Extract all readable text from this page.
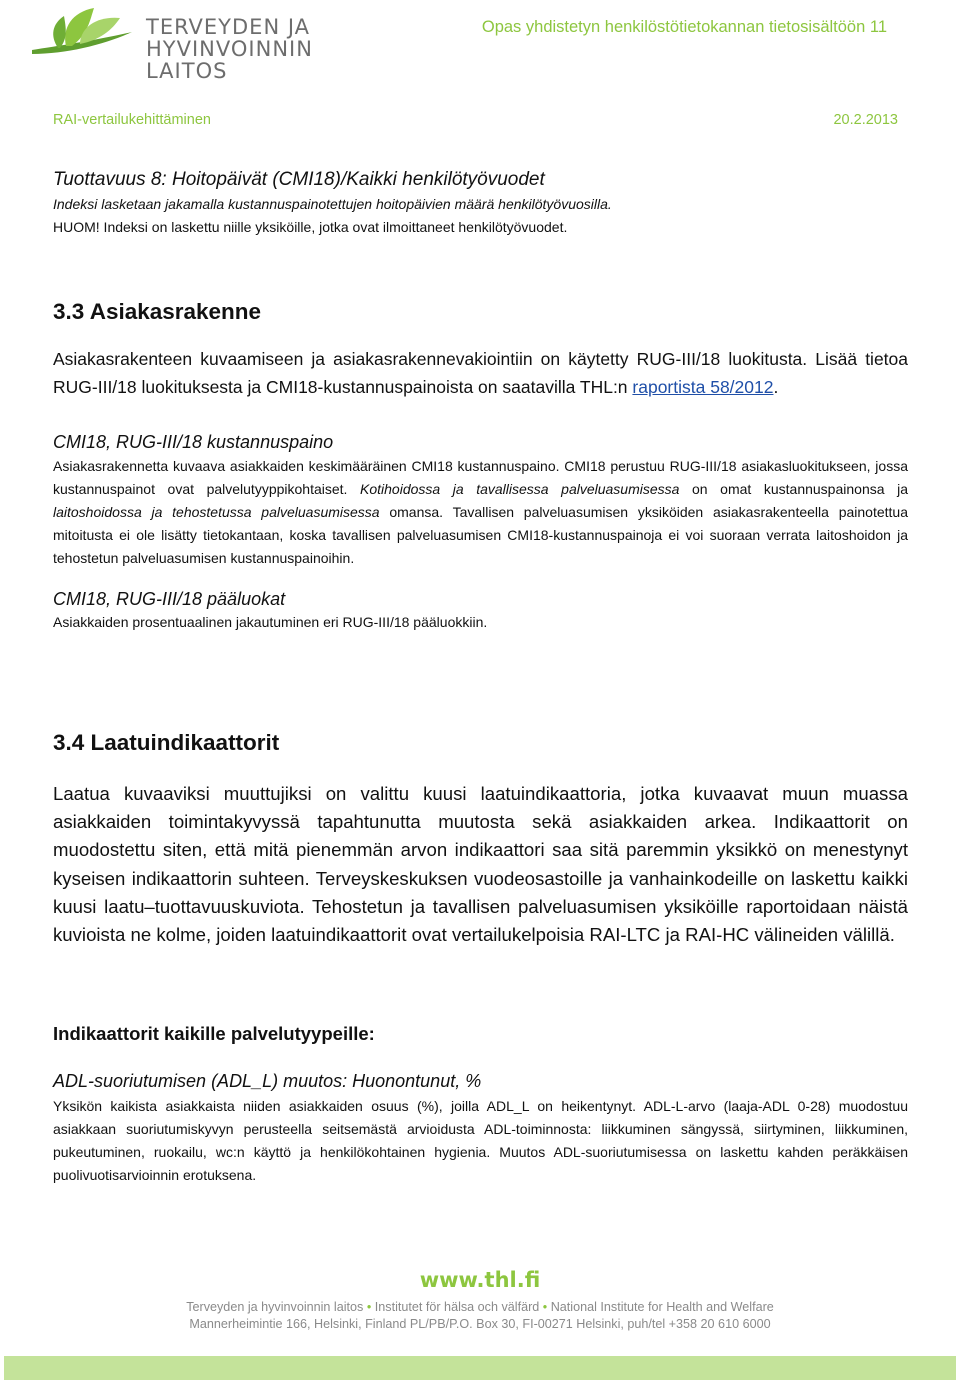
TERVEYDEN JA
HYVINVOINNIN LAITOS
Opas yhdistetyn henkilöstötietokannan tietosisältöön 11
RAI-vertailukehittäminen	20.2.2013
Tuottavuus 8: Hoitopäivät (CMI18)/Kaikki henkilötyövuodet
Indeksi lasketaan jakamalla kustannuspainotettujen hoitopäivien määrä henkilötyövuosilla.
HUOM! Indeksi on laskettu niille yksiköille, jotka ovat ilmoittaneet henkilötyövuodet.
3.3 Asiakasrakenne

Asiakasrakenteen kuvaamiseen ja asiakasrakennevakiointiin on käytetty RUG-III/18 luokitusta. Lisää tietoa RUG-III/18 luokituksesta ja CMI18-kustannuspainoista on saatavilla THL:n raportista 58/2012.

CMI18, RUG-III/18 kustannuspaino

Asiakasrakennetta kuvaava asiakkaiden keskimääräinen CMI18 kustannuspaino. CMI18 perustuu RUG-III/18 asiakasluokitukseen, jossa kustannuspainot ovat palvelutyyppikohtaiset. Kotihoidossa ja tavallisessa palveluasumisessa on omat kustannuspainonsa ja laitoshoidossa ja tehostetussa palveluasumisessa omansa. Tavallisen palveluasumisen yksiköiden asiakasrakenteella painotettua mitoitusta ei ole lisätty tietokantaan, koska tavallisen palveluasumisen CMI18-kustannuspainoja ei voi suoraan verrata laitoshoidon ja tehostetun palveluasumisen kustannuspainoihin.

CMI18, RUG-III/18 pääluokat
Asiakkaiden prosentuaalinen jakautuminen eri RUG-III/18 pääluokkiin.
3.4 Laatuindikaattorit

Laatua kuvaaviksi muuttujiksi on valittu kuusi laatuindikaattoria, jotka kuvaavat muun muassa asiakkaiden toimintakyvyssä tapahtunutta muutosta sekä asiakkaiden arkea. Indikaattorit on muodostettu siten, että mitä pienemmän arvon indikaattori saa sitä paremmin yksikkö on menestynyt kyseisen indikaattorin suhteen. Terveyskeskuksen vuodeosastoille ja vanhainkodeille on laskettu kaikki kuusi laatu–tuottavuuskuviota. Tehostetun ja tavallisen palveluasumisen yksiköille raportoidaan näistä kuvioista ne kolme, joiden laatuindikaattorit ovat vertailukelpoisia RAI-LTC ja RAI-HC välineiden välillä.

Indikaattorit kaikille palvelutyypeille:
ADL-suoriutumisen (ADL_L) muutos: Huonontunut, %

Yksikön kaikista asiakkaista niiden asiakkaiden osuus (%), joilla ADL_L on heikentynyt. ADL-L-arvo (laaja-ADL 0-28) muodostuu asiakkaan suoriutumiskyvyn perusteella seitsemästä arvioidusta ADL-toiminnosta: liikkuminen sängyssä, siirtyminen, liikkuminen, pukeutuminen, ruokailu, wc:n käyttö ja henkilökohtainen hygienia. Muutos ADL-suoriutumisessa on laskettu kahden peräkkäisen puolivuotisarvioinnin erotuksena.

www.thl.fi
Terveyden ja hyvinvoinnin laitos • Institutet för hälsa och välfärd • National Institute for Health and Welfare
Mannerheimintie 166, Helsinki, Finland PL/PB/P.O. Box 30, FI-00271 Helsinki, puh/tel +358 20 610 6000
